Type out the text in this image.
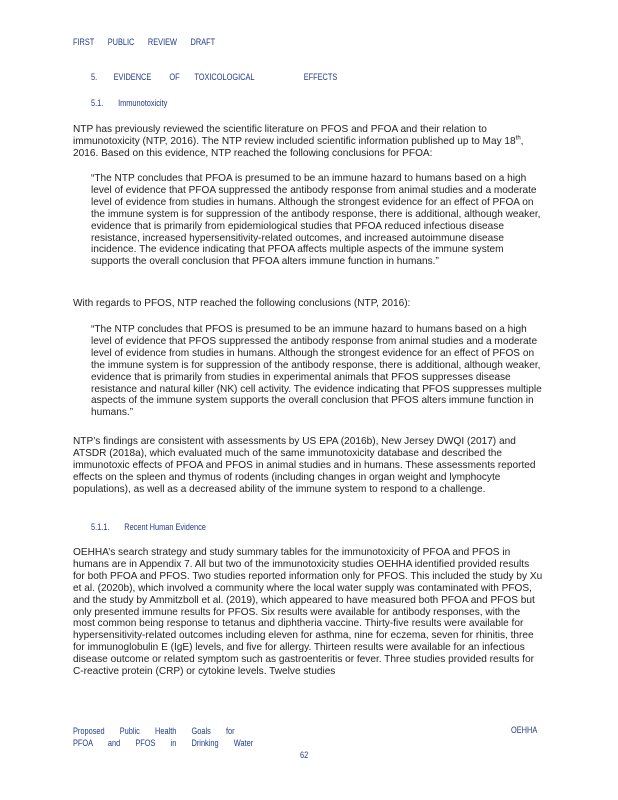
FIRST PUBLIC REVIEW DRAFT
5. EVIDENCE OF TOXICOLOGICAL	EFFECTS
5.1. Immunotoxicity
NTP has previously reviewed the scientific literature on PFOS and PFOA and their relation to immunotoxicity (NTP, 2016). The NTP review included scientific information published up to May 18th, 2016. Based on this evidence, NTP reached the following conclusions for PFOA:
“The NTP concludes that PFOA is presumed to be an immune hazard to humans based on a high level of evidence that PFOA suppressed the antibody response from animal studies and a moderate level of evidence from studies in humans. Although the strongest evidence for an effect of PFOA on the immune system is for suppression of the antibody response, there is additional, although weaker, evidence that is primarily from epidemiological studies that PFOA reduced infectious disease resistance, increased hypersensitivity-related outcomes, and increased autoimmune disease incidence. The evidence indicating that PFOA affects multiple aspects of the immune system supports the overall conclusion that PFOA alters immune function in humans.”
With regards to PFOS, NTP reached the following conclusions (NTP, 2016):
“The NTP concludes that PFOS is presumed to be an immune hazard to humans based on a high level of evidence that PFOS suppressed the antibody response from animal studies and a moderate level of evidence from studies in humans. Although the strongest evidence for an effect of PFOS on the immune system is for suppression of the antibody response, there is additional, although weaker, evidence that is primarily from studies in experimental animals that PFOS suppresses disease resistance and natural killer (NK) cell activity. The evidence indicating that PFOS suppresses multiple aspects of the immune system supports the overall conclusion that PFOS alters immune function in humans.”
NTP’s findings are consistent with assessments by US EPA (2016b), New Jersey DWQI (2017) and ATSDR (2018a), which evaluated much of the same immunotoxicity database and described the immunotoxic effects of PFOA and PFOS in animal studies and in humans. These assessments reported effects on the spleen and thymus of rodents (including changes in organ weight and lymphocyte populations), as well as a decreased ability of the immune system to respond to a challenge.
5.1.1. Recent Human Evidence
OEHHA’s search strategy and study summary tables for the immunotoxicity of PFOA and PFOS in humans are in Appendix 7. All but two of the immunotoxicity studies OEHHA identified provided results for both PFOA and PFOS. Two studies reported information only for PFOS. This included the study by Xu et al. (2020b), which involved a community where the local water supply was contaminated with PFOS, and the study by Ammitzboll et al. (2019), which appeared to have measured both PFOA and PFOS but only presented immune results for PFOS. Six results were available for antibody responses, with the most common being response to tetanus and diphtheria vaccine. Thirty-five results were available for hypersensitivity-related outcomes including eleven for asthma, nine for eczema, seven for rhinitis, three for immunoglobulin E (IgE) levels, and five for allergy. Thirteen results were available for an infectious disease outcome or related symptom such as gastroenteritis or fever. Three studies provided results for C-reactive protein (CRP) or cytokine levels. Twelve studies
Proposed Public Health Goals for
PFOA and PFOS in Drinking Water
OEHHA
62
